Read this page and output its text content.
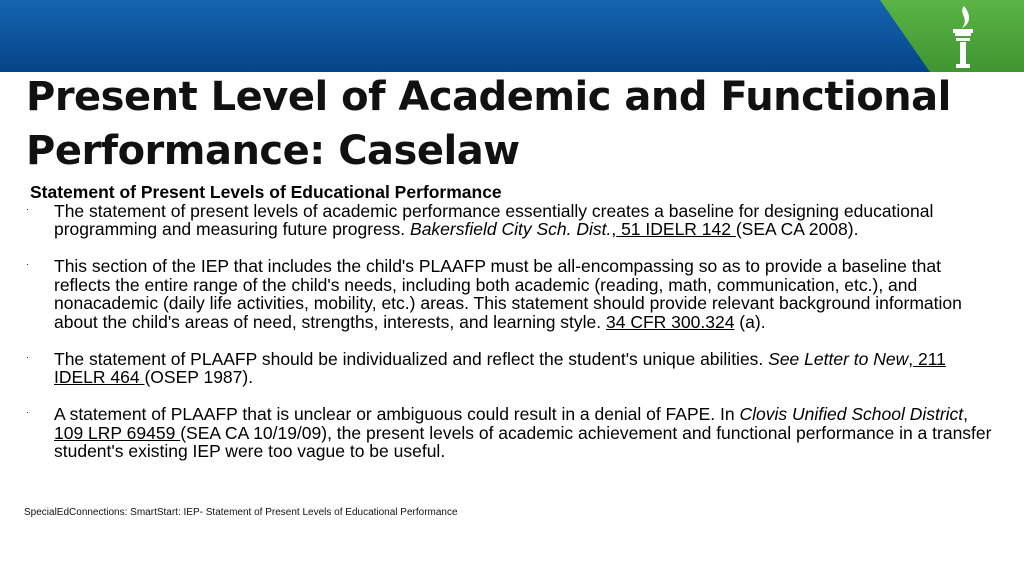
Present Level of Academic and Functional Performance: Caselaw
Statement of Present Levels of Educational Performance
· The statement of present levels of academic performance essentially creates a baseline for designing educational programming and measuring future progress. Bakersfield City Sch. Dist., 51 IDELR 142 (SEA CA 2008).
· This section of the IEP that includes the child's PLAAFP must be all-encompassing so as to provide a baseline that reflects the entire range of the child's needs, including both academic (reading, math, communication, etc.), and nonacademic (daily life activities, mobility, etc.) areas. This statement should provide relevant background information about the child's areas of need, strengths, interests, and learning style. 34 CFR 300.324 (a).
· The statement of PLAAFP should be individualized and reflect the student's unique abilities. See Letter to New, 211 IDELR 464 (OSEP 1987).
· A statement of PLAAFP that is unclear or ambiguous could result in a denial of FAPE. In Clovis Unified School District, 109 LRP 69459 (SEA CA 10/19/09), the present levels of academic achievement and functional performance in a transfer student's existing IEP were too vague to be useful.
SpecialEdConnections: SmartStart: IEP- Statement of Present Levels of Educational Performance
